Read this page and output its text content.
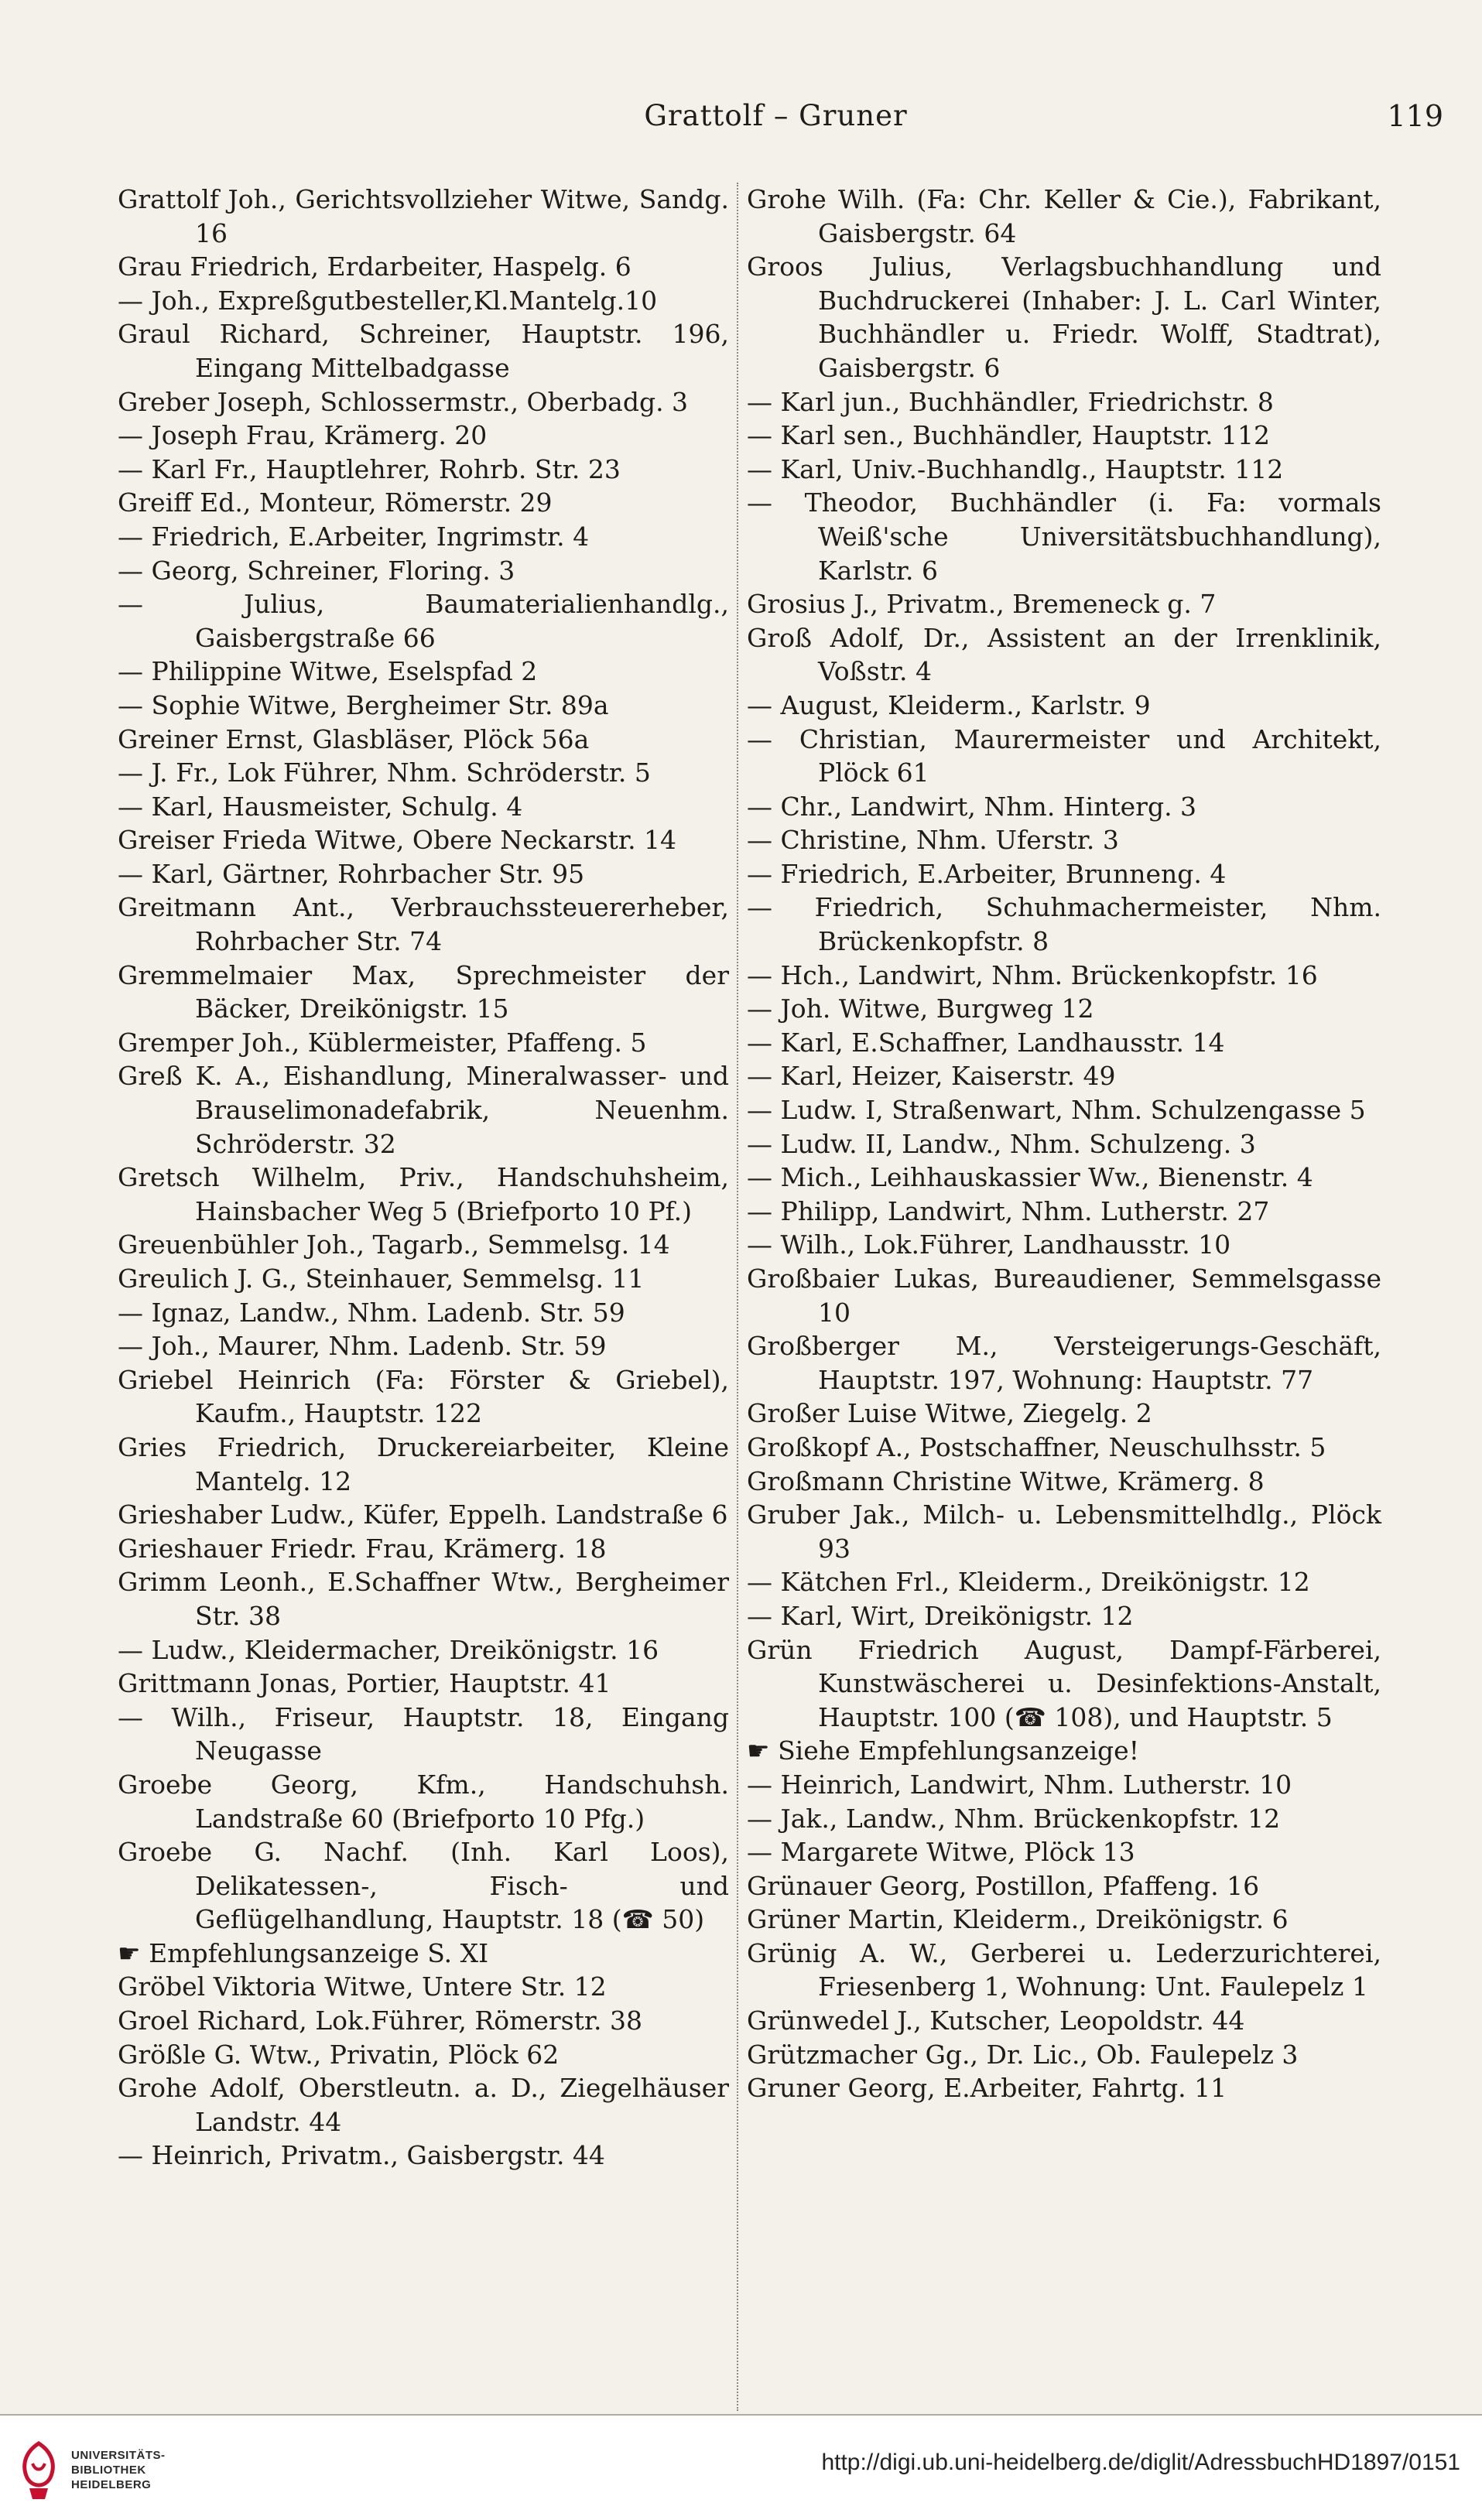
Grattolf – Gruner	119
Grattolf Joh., Gerichtsvollzieher Witwe, Sandg. 16
Grau Friedrich, Erdarbeiter, Haspelg. 6
— Joh., Expreßgutbesteller,Kl.Mantelg.10
Graul Richard, Schreiner, Hauptstr. 196, Eingang Mittelbadgasse
Greber Joseph, Schlossermstr., Oberbadg. 3
— Joseph Frau, Krämerg. 20
— Karl Fr., Hauptlehrer, Rohrb. Str. 23
Greiff Ed., Monteur, Römerstr. 29
— Friedrich, E.Arbeiter, Ingrimstr. 4
— Georg, Schreiner, Floring. 3
— Julius, Baumaterialienhandlg., Gaisbergstraße 66
— Philippine Witwe, Eselspfad 2
— Sophie Witwe, Bergheimer Str. 89a
Greiner Ernst, Glasbläser, Plöck 56a
— J. Fr., Lok Führer, Nhm. Schröderstr. 5
— Karl, Hausmeister, Schulg. 4
Greiser Frieda Witwe, Obere Neckarstr. 14
— Karl, Gärtner, Rohrbacher Str. 95
Greitmann Ant., Verbrauchssteuererheber, Rohrbacher Str. 74
Gremmelmaier Max, Sprechmeister der Bäcker, Dreikönigstr. 15
Gremper Joh., Küblermeister, Pfaffeng. 5
Greß K. A., Eishandlung, Mineralwasser- und Brauselimonadefabrik, Neuenhm. Schröderstr. 32
Gretsch Wilhelm, Priv., Handschuhsheim, Hainsbacher Weg 5 (Briefporto 10 Pf.)
Greuenbühler Joh., Tagarb., Semmelsg. 14
Greulich J. G., Steinhauer, Semmelsg. 11
— Ignaz, Landw., Nhm. Ladenb. Str. 59
— Joh., Maurer, Nhm. Ladenb. Str. 59
Griebel Heinrich (Fa: Förster & Griebel), Kaufm., Hauptstr. 122
Gries Friedrich, Druckereiarbeiter, Kleine Mantelg. 12
Grieshaber Ludw., Küfer, Eppelh. Landstraße 6
Grieshauer Friedr. Frau, Krämerg. 18
Grimm Leonh., E.Schaffner Wtw., Bergheimer Str. 38
— Ludw., Kleidermacher, Dreikönigstr. 16
Grittmann Jonas, Portier, Hauptstr. 41
— Wilh., Friseur, Hauptstr. 18, Eingang Neugasse
Groebe Georg, Kfm., Handschuhsh. Landstraße 60 (Briefporto 10 Pfg.)
Groebe G. Nachf. (Inh. Karl Loos), Delikatessen-, Fisch- und Geflügelhandlung, Hauptstr. 18 (☎ 50)
☛ Empfehlungsanzeige S. XI
Gröbel Viktoria Witwe, Untere Str. 12
Groel Richard, Lok.Führer, Römerstr. 38
Größle G. Wtw., Privatin, Plöck 62
Grohe Adolf, Oberstleutn. a. D., Ziegelhäuser Landstr. 44
— Heinrich, Privatm., Gaisbergstr. 44
Grohe Wilh. (Fa: Chr. Keller & Cie.), Fabrikant, Gaisbergstr. 64
Groos Julius, Verlagsbuchhandlung und Buchdruckerei (Inhaber: J. L. Carl Winter, Buchhändler u. Friedr. Wolff, Stadtrat), Gaisbergstr. 6
— Karl jun., Buchhändler, Friedrichstr. 8
— Karl sen., Buchhändler, Hauptstr. 112
— Karl, Univ.-Buchhandlg., Hauptstr. 112
— Theodor, Buchhändler (i. Fa: vormals Weiß'sche Universitätsbuchhandlung), Karlstr. 6
Grosius J., Privatm., Bremeneck g. 7
Groß Adolf, Dr., Assistent an der Irrenklinik, Voßstr. 4
— August, Kleiderm., Karlstr. 9
— Christian, Maurermeister und Architekt, Plöck 61
— Chr., Landwirt, Nhm. Hinterg. 3
— Christine, Nhm. Uferstr. 3
— Friedrich, E.Arbeiter, Brunneng. 4
— Friedrich, Schuhmachermeister, Nhm. Brückenkopfstr. 8
— Hch., Landwirt, Nhm. Brückenkopfstr. 16
— Joh. Witwe, Burgweg 12
— Karl, E.Schaffner, Landhausstr. 14
— Karl, Heizer, Kaiserstr. 49
— Ludw. I, Straßenwart, Nhm. Schulzengasse 5
— Ludw. II, Landw., Nhm. Schulzeng. 3
— Mich., Leihhauskassier Ww., Bienenstr. 4
— Philipp, Landwirt, Nhm. Lutherstr. 27
— Wilh., Lok.Führer, Landhausstr. 10
Großbaier Lukas, Bureaudiener, Semmelsgasse 10
Großberger M., Versteigerungs-Geschäft, Hauptstr. 197, Wohnung: Hauptstr. 77
Großer Luise Witwe, Ziegelg. 2
Großkopf A., Postschaffner, Neuschulhsstr. 5
Großmann Christine Witwe, Krämerg. 8
Gruber Jak., Milch- u. Lebensmittelhdlg., Plöck 93
— Kätchen Frl., Kleiderm., Dreikönigstr. 12
— Karl, Wirt, Dreikönigstr. 12
Grün Friedrich August, Dampf-Färberei, Kunstwäscherei u. Desinfektions-Anstalt, Hauptstr. 100 (☎ 108), und Hauptstr. 5
☛ Siehe Empfehlungsanzeige!
— Heinrich, Landwirt, Nhm. Lutherstr. 10
— Jak., Landw., Nhm. Brückenkopfstr. 12
— Margarete Witwe, Plöck 13
Grünauer Georg, Postillon, Pfaffeng. 16
Grüner Martin, Kleiderm., Dreikönigstr. 6
Grünig A. W., Gerberei u. Lederzurichterei, Friesenberg 1, Wohnung: Unt. Faulepelz 1
Grünwedel J., Kutscher, Leopoldstr. 44
Grützmacher Gg., Dr. Lic., Ob. Faulepelz 3
Gruner Georg, E.Arbeiter, Fahrtg. 11
UNIVERSITÄTS-
BIBLIOTHEK
HEIDELBERG
http://digi.ub.uni-heidelberg.de/diglit/AdressbuchHD1897/0151
